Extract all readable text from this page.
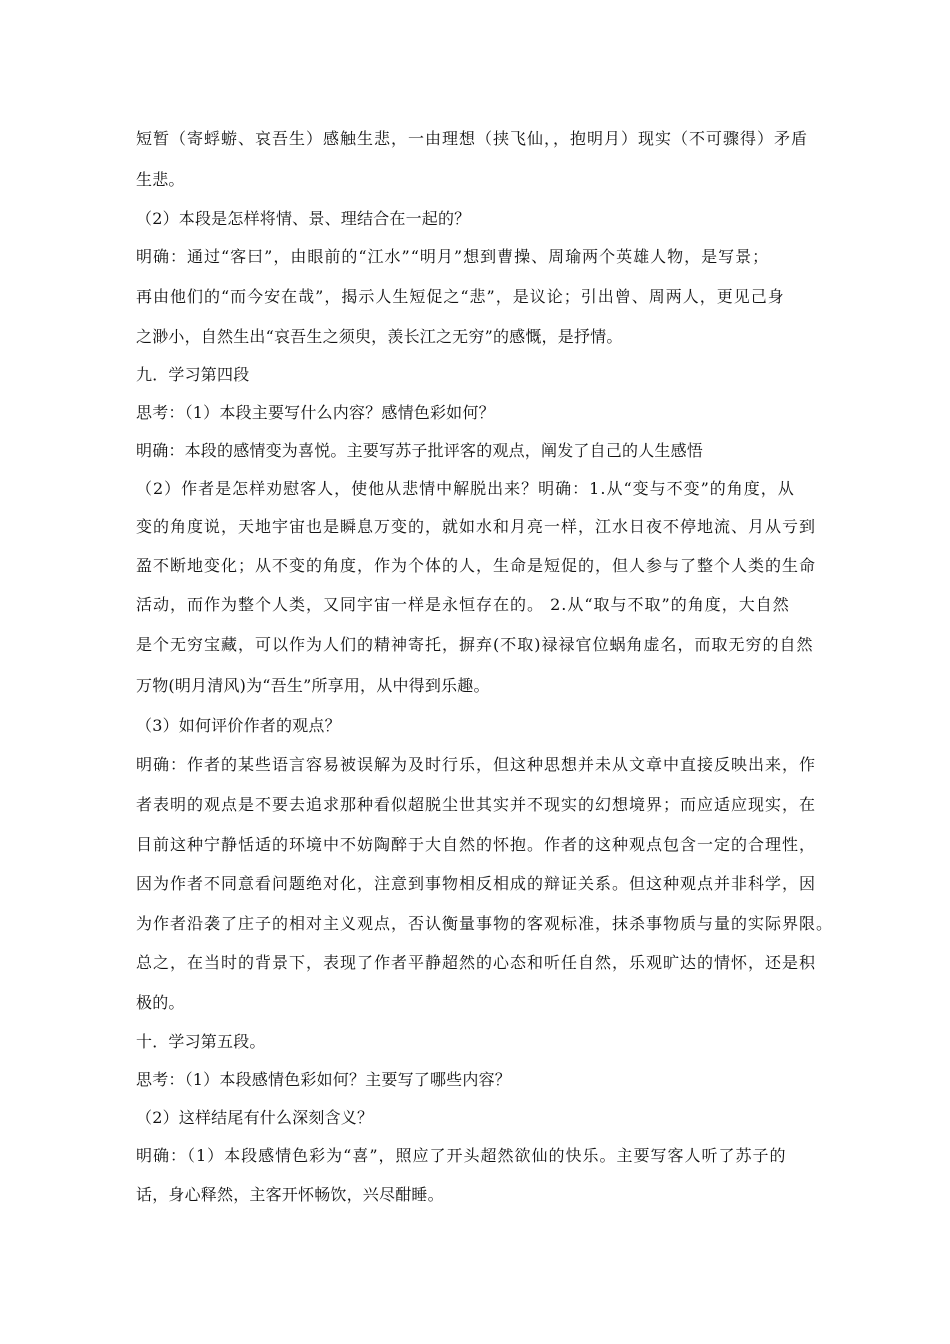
短暂（寄蜉蝣、哀吾生）感触生悲，一由理想（挟飞仙，，抱明月）现实（不可骤得）矛盾
生悲。
（2）本段是怎样将情、景、理结合在一起的？
明确：通过“客曰”，由眼前的“江水”“明月”想到曹操、周瑜两个英雄人物，是写景；
再由他们的“而今安在哉”，揭示人生短促之“悲”，是议论；引出曾、周两人，更见己身
之渺小，自然生出“哀吾生之须臾，羡长江之无穷”的感慨，是抒情。
九．学习第四段
思考：（1）本段主要写什么内容？感情色彩如何？
明确：本段的感情变为喜悦。主要写苏子批评客的观点，阐发了自己的人生感悟
（2）作者是怎样劝慰客人，使他从悲情中解脱出来？明确：1.从“变与不变”的角度，从
变的角度说，天地宇宙也是瞬息万变的，就如水和月亮一样，江水日夜不停地流、月从亏到
盈不断地变化；从不变的角度，作为个体的人，生命是短促的，但人参与了整个人类的生命
活动，而作为整个人类，又同宇宙一样是永恒存在的。 2.从“取与不取”的角度，大自然
是个无穷宝藏，可以作为人们的精神寄托，摒弃(不取)禄禄官位蜗角虚名，而取无穷的自然
万物(明月清风)为“吾生”所享用，从中得到乐趣。
（3）如何评价作者的观点？
明确：作者的某些语言容易被误解为及时行乐，但这种思想并未从文章中直接反映出来，作
者表明的观点是不要去追求那种看似超脱尘世其实并不现实的幻想境界；而应适应现实，在
目前这种宁静恬适的环境中不妨陶醉于大自然的怀抱。作者的这种观点包含一定的合理性，
因为作者不同意看问题绝对化，注意到事物相反相成的辩证关系。但这种观点并非科学，因
为作者沿袭了庄子的相对主义观点，否认衡量事物的客观标准，抹杀事物质与量的实际界限。
总之，在当时的背景下，表现了作者平静超然的心态和听任自然，乐观旷达的情怀，还是积
极的。
十．学习第五段。
思考：（1）本段感情色彩如何？主要写了哪些内容？
（2）这样结尾有什么深刻含义？
明确：（1）本段感情色彩为“喜”，照应了开头超然欲仙的快乐。主要写客人听了苏子的
话，身心释然，主客开怀畅饮，兴尽酣睡。
